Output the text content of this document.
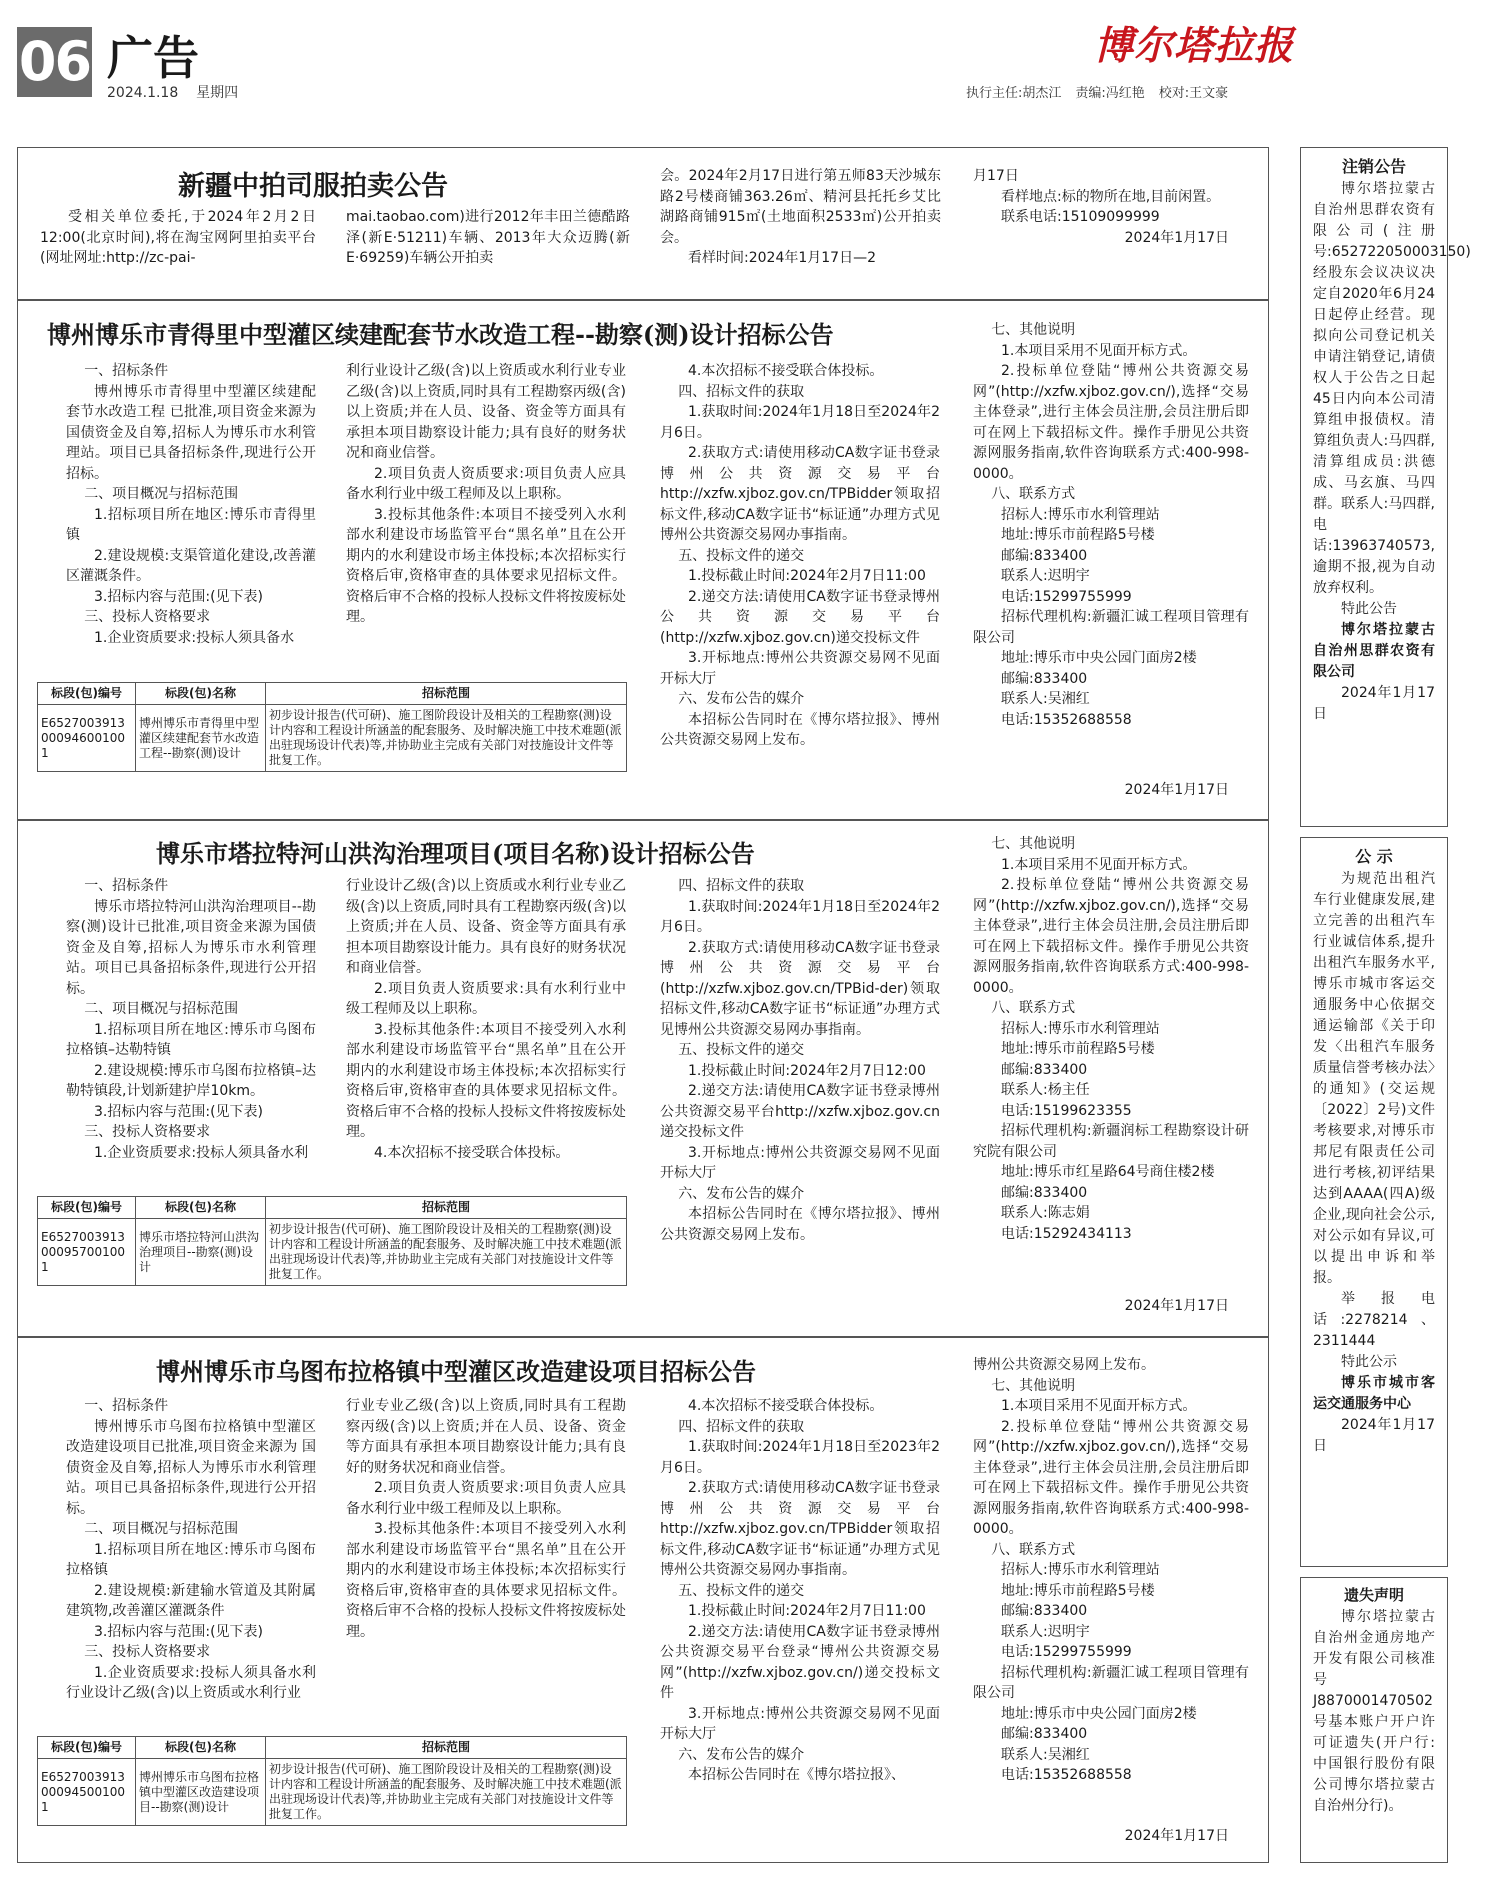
06 广告
2024.1.18 星期四
博尔塔拉报
执行主任:胡杰江 责编:冯红艳 校对:王文豪
新疆中拍司服拍卖公告

受相关单位委托,于2024年2月2日12:00(北京时间),将在淘宝网阿里拍卖平台(网址网址:http://zc-pai-

mai.taobao.com)进行2012年丰田兰德酷路泽(新E·51211)车辆、2013年大众迈腾(新E·69259)车辆公开拍卖

会。2024年2月17日进行第五师83天沙城东路2号楼商铺363.26㎡、精河县托托乡艾比湖路商铺915㎡(土地面积2533㎡)公开拍卖会。

看样时间:2024年1月17日—2

月17日

看样地点:标的物所在地,目前闲置。

联系电话:15109099999

2024年1月17日

博州博乐市青得里中型灌区续建配套节水改造工程--勘察(测)设计招标公告

一、招标条件

博州博乐市青得里中型灌区续建配套节水改造工程 已批准,项目资金来源为 国债资金及自筹,招标人为博乐市水利管理站。项目已具备招标条件,现进行公开招标。

二、项目概况与招标范围

1.招标项目所在地区:博乐市青得里镇

2.建设规模:支渠管道化建设,改善灌区灌溉条件。

3.招标内容与范围:(见下表)

三、投标人资格要求

1.企业资质要求:投标人须具备水

利行业设计乙级(含)以上资质或水利行业专业乙级(含)以上资质,同时具有工程勘察丙级(含)以上资质;并在人员、设备、资金等方面具有承担本项目勘察设计能力;具有良好的财务状况和商业信誉。

2.项目负责人资质要求:项目负责人应具备水利行业中级工程师及以上职称。

3.投标其他条件:本项目不接受列入水利部水利建设市场监管平台“黑名单”且在公开期内的水利建设市场主体投标;本次招标实行资格后审,资格审查的具体要求见招标文件。资格后审不合格的投标人投标文件将按废标处理。

4.本次招标不接受联合体投标。

四、招标文件的获取

1.获取时间:2024年1月18日至2024年2月6日。

2.获取方式:请使用移动CA数字证书登录博州公共资源交易平台http://xzfw.xjboz.gov.cn/TPBidder领取招标文件,移动CA数字证书“标证通”办理方式见博州公共资源交易网办事指南。

五、投标文件的递交

1.投标截止时间:2024年2月7日11:00

2.递交方法:请使用CA数字证书登录博州公共资源交易平台(http://xzfw.xjboz.gov.cn)递交投标文件

3.开标地点:博州公共资源交易网不见面开标大厅

六、发布公告的媒介

本招标公告同时在《博尔塔拉报》、博州公共资源交易网上发布。

七、其他说明

1.本项目采用不见面开标方式。

2.投标单位登陆“博州公共资源交易网”(http://xzfw.xjboz.gov.cn/),选择“交易主体登录”,进行主体会员注册,会员注册后即可在网上下载招标文件。操作手册见公共资源网服务指南,软件咨询联系方式:400-998-0000。

八、联系方式

招标人:博乐市水利管理站

地址:博乐市前程路5号楼

邮编:833400

联系人:迟明宇

电话:15299755999

招标代理机构:新疆汇诚工程项目管理有限公司

地址:博乐市中央公园门面房2楼

邮编:833400

联系人:吴湘红

电话:15352688558

2024年1月17日

标段(包)编号	标段(包)名称	招标范围
E6527003913000946001001	博州博乐市青得里中型灌区续建配套节水改造工程--勘察(测)设计	初步设计报告(代可研)、施工图阶段设计及相关的工程勘察(测)设计内容和工程设计所涵盖的配套服务、及时解决施工中技术难题(派出驻现场设计代表)等,并协助业主完成有关部门对技施设计文件等批复工作。
博乐市塔拉特河山洪沟治理项目(项目名称)设计招标公告

一、招标条件

博乐市塔拉特河山洪沟治理项目--勘察(测)设计已批准,项目资金来源为国债资金及自筹,招标人为博乐市水利管理站。项目已具备招标条件,现进行公开招标。

二、项目概况与招标范围

1.招标项目所在地区:博乐市乌图布拉格镇–达勒特镇

2.建设规模:博乐市乌图布拉格镇–达勒特镇段,计划新建护岸10km。

3.招标内容与范围:(见下表)

三、投标人资格要求

1.企业资质要求:投标人须具备水利

行业设计乙级(含)以上资质或水利行业专业乙级(含)以上资质,同时具有工程勘察丙级(含)以上资质;并在人员、设备、资金等方面具有承担本项目勘察设计能力。具有良好的财务状况和商业信誉。

2.项目负责人资质要求:具有水利行业中级工程师及以上职称。

3.投标其他条件:本项目不接受列入水利部水利建设市场监管平台“黑名单”且在公开期内的水利建设市场主体投标;本次招标实行资格后审,资格审查的具体要求见招标文件。资格后审不合格的投标人投标文件将按废标处理。

4.本次招标不接受联合体投标。

四、招标文件的获取

1.获取时间:2024年1月18日至2024年2月6日。

2.获取方式:请使用移动CA数字证书登录博州公共资源交易平台(http://xzfw.xjboz.gov.cn/TPBid-der)领取招标文件,移动CA数字证书“标证通”办理方式见博州公共资源交易网办事指南。

五、投标文件的递交

1.投标截止时间:2024年2月7日12:00

2.递交方法:请使用CA数字证书登录博州公共资源交易平台http://xzfw.xjboz.gov.cn递交投标文件

3.开标地点:博州公共资源交易网不见面开标大厅

六、发布公告的媒介

本招标公告同时在《博尔塔拉报》、博州公共资源交易网上发布。

七、其他说明

1.本项目采用不见面开标方式。

2.投标单位登陆“博州公共资源交易网”(http://xzfw.xjboz.gov.cn/),选择“交易主体登录”,进行主体会员注册,会员注册后即可在网上下载招标文件。操作手册见公共资源网服务指南,软件咨询联系方式:400-998-0000。

八、联系方式

招标人:博乐市水利管理站

地址:博乐市前程路5号楼

邮编:833400

联系人:杨主任

电话:15199623355

招标代理机构:新疆润标工程勘察设计研究院有限公司

地址:博乐市红星路64号商住楼2楼

邮编:833400

联系人:陈志娟

电话:15292434113

2024年1月17日

标段(包)编号	标段(包)名称	招标范围
E6527003913000957001001	博乐市塔拉特河山洪沟治理项目--勘察(测)设计	初步设计报告(代可研)、施工图阶段设计及相关的工程勘察(测)设计内容和工程设计所涵盖的配套服务、及时解决施工中技术难题(派出驻现场设计代表)等,并协助业主完成有关部门对技施设计文件等批复工作。
博州博乐市乌图布拉格镇中型灌区改造建设项目招标公告

一、招标条件

博州博乐市乌图布拉格镇中型灌区改造建设项目已批准,项目资金来源为 国债资金及自筹,招标人为博乐市水利管理站。项目已具备招标条件,现进行公开招标。

二、项目概况与招标范围

1.招标项目所在地区:博乐市乌图布拉格镇

2.建设规模:新建输水管道及其附属建筑物,改善灌区灌溉条件

3.招标内容与范围:(见下表)

三、投标人资格要求

1.企业资质要求:投标人须具备水利行业设计乙级(含)以上资质或水利行业

行业专业乙级(含)以上资质,同时具有工程勘察丙级(含)以上资质;并在人员、设备、资金等方面具有承担本项目勘察设计能力;具有良好的财务状况和商业信誉。

2.项目负责人资质要求:项目负责人应具备水利行业中级工程师及以上职称。

3.投标其他条件:本项目不接受列入水利部水利建设市场监管平台“黑名单”且在公开期内的水利建设市场主体投标;本次招标实行资格后审,资格审查的具体要求见招标文件。资格后审不合格的投标人投标文件将按废标处理。

4.本次招标不接受联合体投标。

四、招标文件的获取

1.获取时间:2024年1月18日至2023年2月6日。

2.获取方式:请使用移动CA数字证书登录博州公共资源交易平台http://xzfw.xjboz.gov.cn/TPBidder领取招标文件,移动CA数字证书“标证通”办理方式见博州公共资源交易网办事指南。

五、投标文件的递交

1.投标截止时间:2024年2月7日11:00

2.递交方法:请使用CA数字证书登录博州公共资源交易平台登录“博州公共资源交易网”(http://xzfw.xjboz.gov.cn/)递交投标文件

3.开标地点:博州公共资源交易网不见面开标大厅

六、发布公告的媒介

本招标公告同时在《博尔塔拉报》、

博州公共资源交易网上发布。

七、其他说明

1.本项目采用不见面开标方式。

2.投标单位登陆“博州公共资源交易网”(http://xzfw.xjboz.gov.cn/),选择“交易主体登录”,进行主体会员注册,会员注册后即可在网上下载招标文件。操作手册见公共资源网服务指南,软件咨询联系方式:400-998-0000。

八、联系方式

招标人:博乐市水利管理站

地址:博乐市前程路5号楼

邮编:833400

联系人:迟明宇

电话:15299755999

招标代理机构:新疆汇诚工程项目管理有限公司

地址:博乐市中央公园门面房2楼

邮编:833400

联系人:吴湘红

电话:15352688558

2024年1月17日

标段(包)编号	标段(包)名称	招标范围
E6527003913000945001001	博州博乐市乌图布拉格镇中型灌区改造建设项目--勘察(测)设计	初步设计报告(代可研)、施工图阶段设计及相关的工程勘察(测)设计内容和工程设计所涵盖的配套服务、及时解决施工中技术难题(派出驻现场设计代表)等,并协助业主完成有关部门对技施设计文件等批复工作。
注销公告

博尔塔拉蒙古自治州思群农资有限公司(注册号:652722050003150)经股东会议决议决定自2020年6月24日起停止经营。现拟向公司登记机关申请注销登记,请债权人于公告之日起45日内向本公司清算组申报债权。清算组负责人:马四群,清算组成员:洪德成、马玄旗、马四群。联系人:马四群,电话:13963740573,逾期不报,视为自动放弃权利。

特此公告

博尔塔拉蒙古自治州思群农资有限公司

2024年1月17日

公 示

为规范出租汽车行业健康发展,建立完善的出租汽车行业诚信体系,提升出租汽车服务水平,博乐市城市客运交通服务中心依据交通运输部《关于印发〈出租汽车服务质量信誉考核办法〉的通知》(交运规〔2022〕2号)文件考核要求,对博乐市邦尼有限责任公司进行考核,初评结果达到AAAA(四A)级企业,现向社会公示,对公示如有异议,可以提出申诉和举报。

举报电话:2278214、2311444

特此公示

博乐市城市客运交通服务中心

2024年1月17日

遗失声明

博尔塔拉蒙古自治州金通房地产开发有限公司核准号J8870001470502号基本账户开户许可证遗失(开户行:中国银行股份有限公司博尔塔拉蒙古自治州分行)。
